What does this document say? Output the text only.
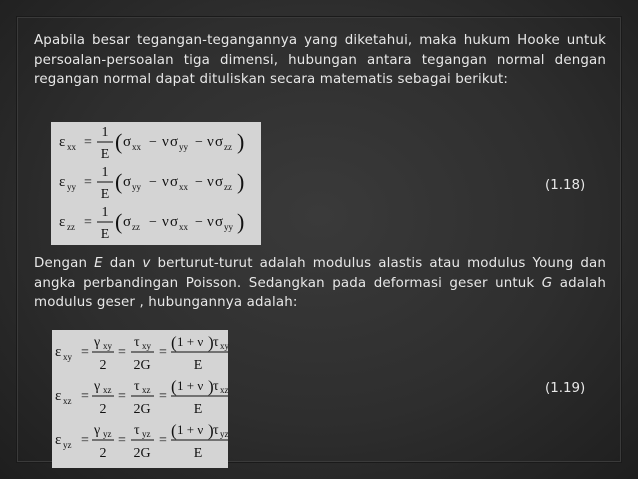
Apabila besar tegangan-tegangannya yang diketahui, maka hukum Hooke untuk persoalan-persoalan tiga dimensi, hubungan antara tegangan normal dengan regangan normal dapat dituliskan secara matematis sebagai berikut:
ε xx =
1
E
( σ xx − ν σ yy − ν σ zz )
ε yy =
1
E
( σ yy − ν σ xx − ν σ zz )
ε zz =
1
E
( σ zz − ν σ xx − ν σ yy )
(1.18)
Dengan E dan v berturut-turut adalah modulus alastis atau modulus Young dan angka perbandingan Poisson. Sedangkan pada deformasi geser untuk G adalah modulus geser , hubungannya adalah:
ε xy =
γ xy
2
=
τ xy
2G
=
( 1 + ν ) τ xy
E
ε xz =
γ xz
2
=
τ xz
2G
=
( 1 + ν ) τ xz
E
ε yz =
γ yz
2
=
τ yz
2G
=
( 1 + ν ) τ yz
E
(1.19)
